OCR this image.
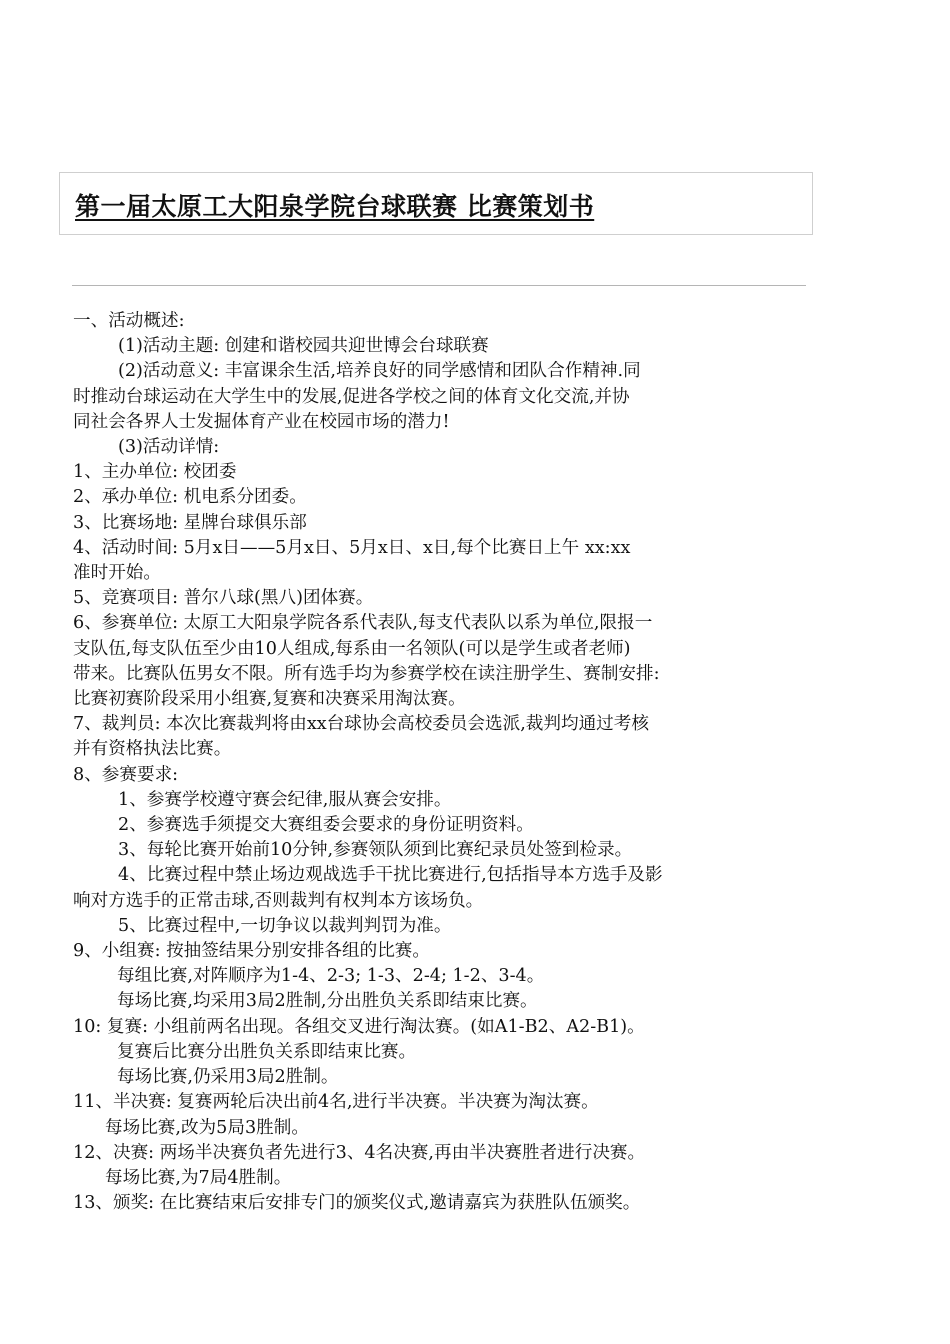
第一届太原工大阳泉学院台球联赛 比赛策划书
一、活动概述:
(1)活动主题: 创建和谐校园共迎世博会台球联赛
(2)活动意义: 丰富课余生活,培养良好的同学感情和团队合作精神.同
时推动台球运动在大学生中的发展,促进各学校之间的体育文化交流,并协
同社会各界人士发掘体育产业在校园市场的潜力!
(3)活动详情:
1、主办单位: 校团委
2、承办单位: 机电系分团委。
3、比赛场地: 星牌台球俱乐部
4、活动时间: 5月x日——5月x日、5月x日、x日,每个比赛日上午 xx:xx
准时开始。
5、竞赛项目: 普尔八球(黑八)团体赛。
6、参赛单位: 太原工大阳泉学院各系代表队,每支代表队以系为单位,限报一
支队伍,每支队伍至少由10人组成,每系由一名领队(可以是学生或者老师)
带来。比赛队伍男女不限。所有选手均为参赛学校在读注册学生、赛制安排:
比赛初赛阶段采用小组赛,复赛和决赛采用淘汰赛。
7、裁判员: 本次比赛裁判将由xx台球协会高校委员会选派,裁判均通过考核
并有资格执法比赛。
8、参赛要求:
1、参赛学校遵守赛会纪律,服从赛会安排。
2、参赛选手须提交大赛组委会要求的身份证明资料。
3、每轮比赛开始前10分钟,参赛领队须到比赛纪录员处签到检录。
4、比赛过程中禁止场边观战选手干扰比赛进行,包括指导本方选手及影
响对方选手的正常击球,否则裁判有权判本方该场负。
5、比赛过程中,一切争议以裁判判罚为准。
9、小组赛: 按抽签结果分别安排各组的比赛。
每组比赛,对阵顺序为1-4、2-3; 1-3、2-4; 1-2、3-4。
每场比赛,均采用3局2胜制,分出胜负关系即结束比赛。
10: 复赛: 小组前两名出现。各组交叉进行淘汰赛。(如A1-B2、A2-B1)。
复赛后比赛分出胜负关系即结束比赛。
每场比赛,仍采用3局2胜制。
11、半决赛: 复赛两轮后决出前4名,进行半决赛。半决赛为淘汰赛。
每场比赛,改为5局3胜制。
12、决赛: 两场半决赛负者先进行3、4名决赛,再由半决赛胜者进行决赛。
每场比赛,为7局4胜制。
13、颁奖: 在比赛结束后安排专门的颁奖仪式,邀请嘉宾为获胜队伍颁奖。
